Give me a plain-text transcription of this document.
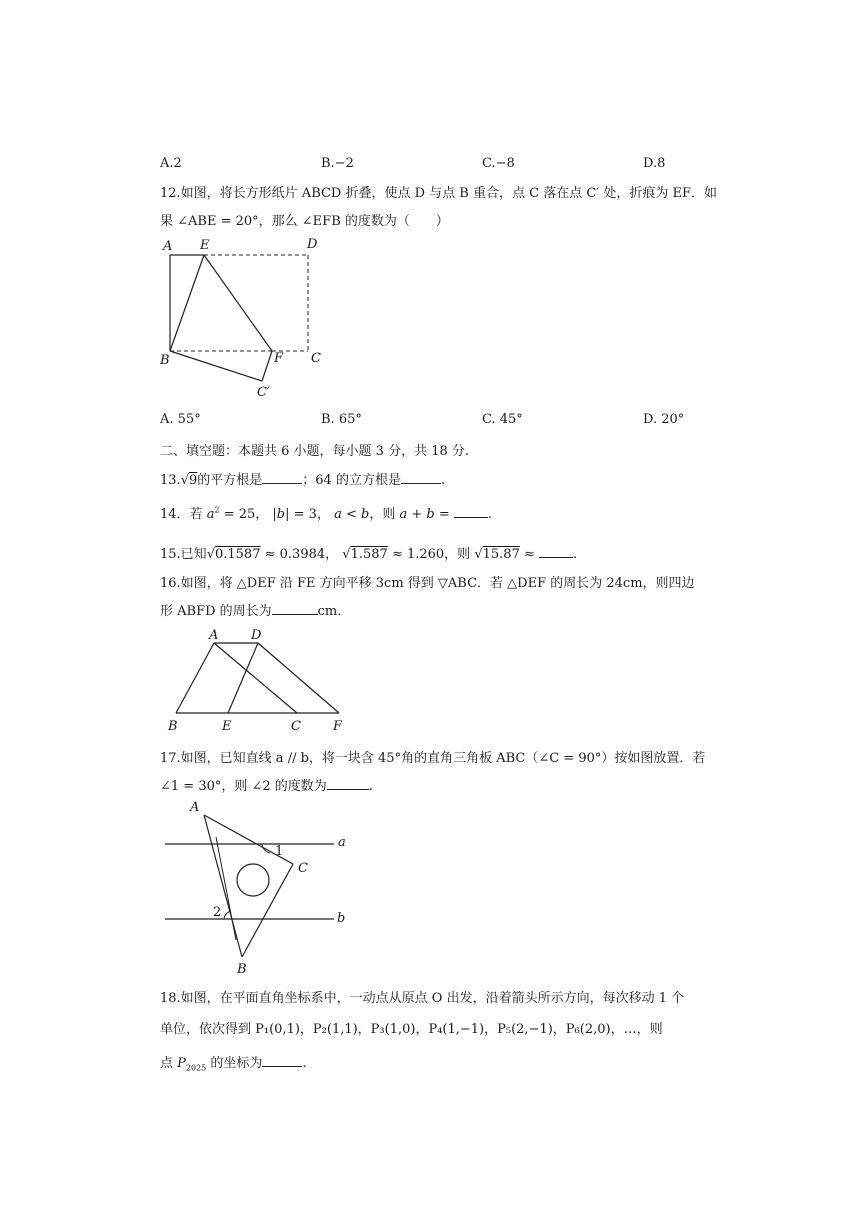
A.2	B.−2	C.−8	D.8
12.如图，将长方形纸片 ABCD 折叠，使点 D 与点 B 重合，点 C 落在点 C′ 处，折痕为 EF．如
果 ∠ABE = 20°，那么 ∠EFB 的度数为（　　）
A E	D
B	F C
C′
A. 55°	B. 65°	C. 45°	D. 20°
二、填空题：本题共 6 小题，每小题 3 分，共 18 分.
13.√9的平方根是	；64 的立方根是	.
14．若 $a^2 = 25$， |b| = 3， a < b，则 a + b =	.
15.已知√0.1587 ≈ 0.3984， √1.587 ≈ 1.260，则 √15.87 ≈	.
16.如图，将 △DEF 沿 FE 方向平移 3cm 得到 ▽ABC．若 △DEF 的周长为 24cm，则四边
形 ABFD 的周长为	cm．
A	D
B	E	C F
17.如图，已知直线 a // b，将一块含 45°角的直角三角板 ABC（∠C = 90°）按如图放置．若
∠1 = 30°，则 ∠2 的度数为	.
A
a
1
C
2	b
B
18.如图，在平面直角坐标系中，一动点从原点 O 出发，沿着箭头所示方向，每次移动 1 个
单位，依次得到 P₁(0,1)，P₂(1,1)，P₃(1,0)，P₄(1,−1)，P₅(2,−1)，P₆(2,0)，…，则
点 $P_{2025}$ 的坐标为	.
